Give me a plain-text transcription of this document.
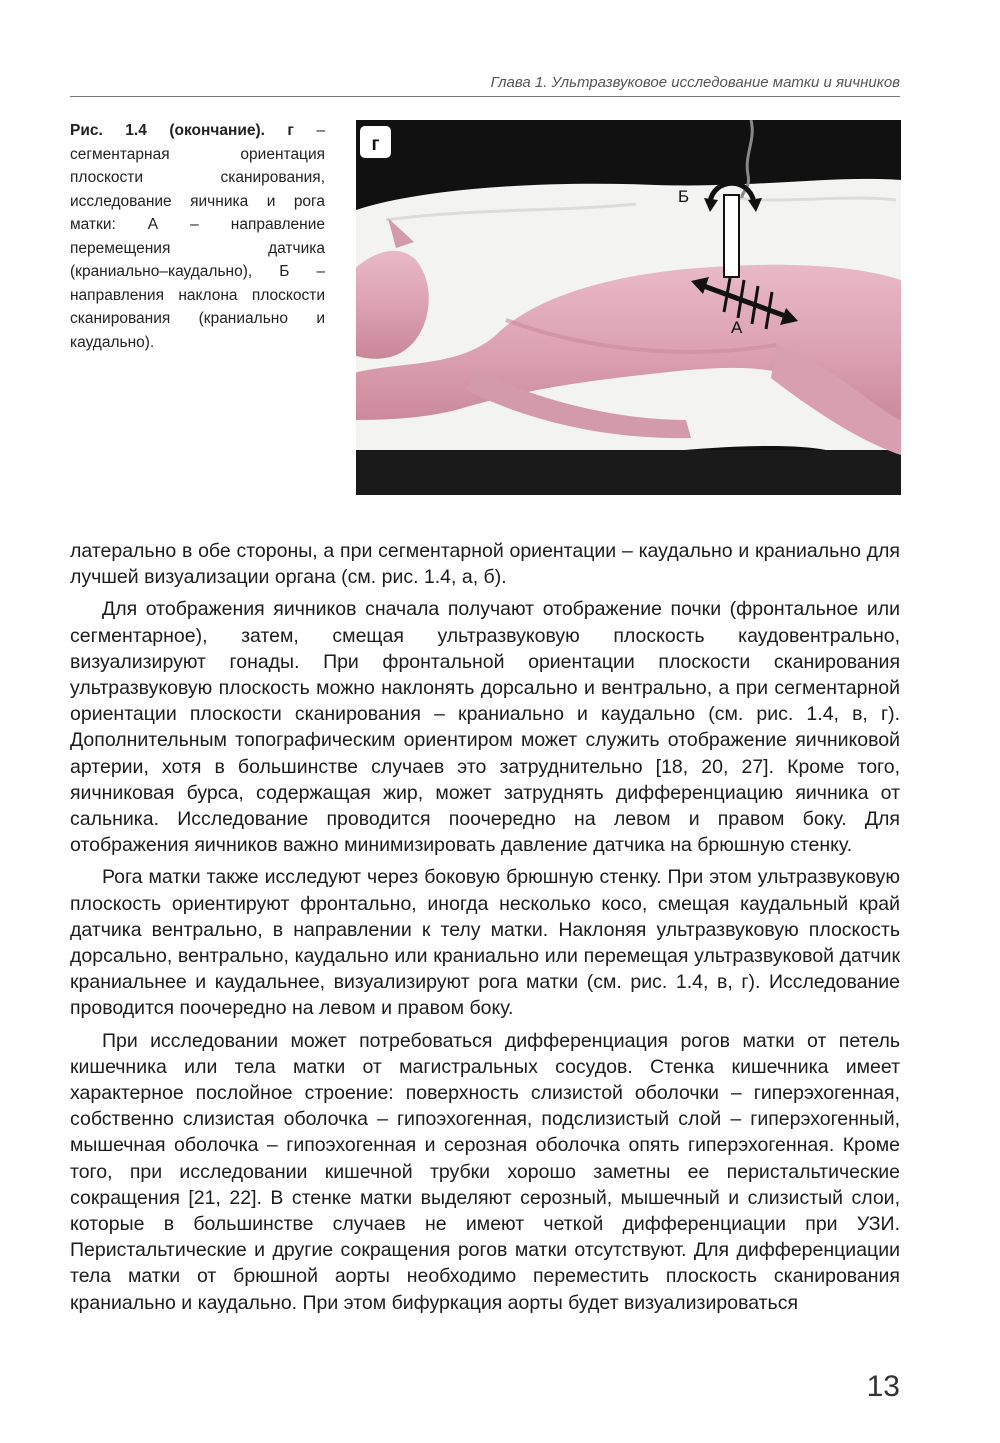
Глава 1. Ультразвуковое исследование матки и яичников
Рис. 1.4 (окончание). г – сегментарная ориентация плоскости сканирования, исследование яичника и рога матки: А – направление перемещения датчика (краниально–каудально), Б – направления наклона плоскости сканирования (краниально и каудально).
Б
А
г

латерально в обе стороны, а при сегментарной ориентации – каудально и краниально для лучшей визуализации органа (см. рис. 1.4, а, б).

Для отображения яичников сначала получают отображение почки (фронтальное или сегментарное), затем, смещая ультразвуковую плоскость каудовентрально, визуализируют гонады. При фронтальной ориентации плоскости сканирования ультразвуковую плоскость можно наклонять дорсально и вентрально, а при сегментарной ориентации плоскости сканирования – краниально и каудально (см. рис. 1.4, в, г). Дополнительным топографическим ориентиром может служить отображение яичниковой артерии, хотя в большинстве случаев это затруднительно [18, 20, 27]. Кроме того, яичниковая бурса, содержащая жир, может затруднять дифференциацию яичника от сальника. Исследование проводится поочередно на левом и правом боку. Для отображения яичников важно минимизировать давление датчика на брюшную стенку.

Рога матки также исследуют через боковую брюшную стенку. При этом ультразвуковую плоскость ориентируют фронтально, иногда несколько косо, смещая каудальный край датчика вентрально, в направлении к телу матки. Наклоняя ультразвуковую плоскость дорсально, вентрально, каудально или краниально или перемещая ультразвуковой датчик краниальнее и каудальнее, визуализируют рога матки (см. рис. 1.4, в, г). Исследование проводится поочередно на левом и правом боку.

При исследовании может потребоваться дифференциация рогов матки от петель кишечника или тела матки от магистральных сосудов. Стенка кишечника имеет характерное послойное строение: поверхность слизистой оболочки – гиперэхогенная, собственно слизистая оболочка – гипоэхогенная, подслизистый слой – гиперэхогенный, мышечная оболочка – гипоэхогенная и серозная оболочка опять гиперэхогенная. Кроме того, при исследовании кишечной трубки хорошо заметны ее перистальтические сокращения [21, 22]. В стенке матки выделяют серозный, мышечный и слизистый слои, которые в большинстве случаев не имеют четкой дифференциации при УЗИ. Перистальтические и другие сокращения рогов матки отсутствуют. Для дифференциации тела матки от брюшной аорты необходимо переместить плоскость сканирования краниально и каудально. При этом бифуркация аорты будет визуализироваться

13
